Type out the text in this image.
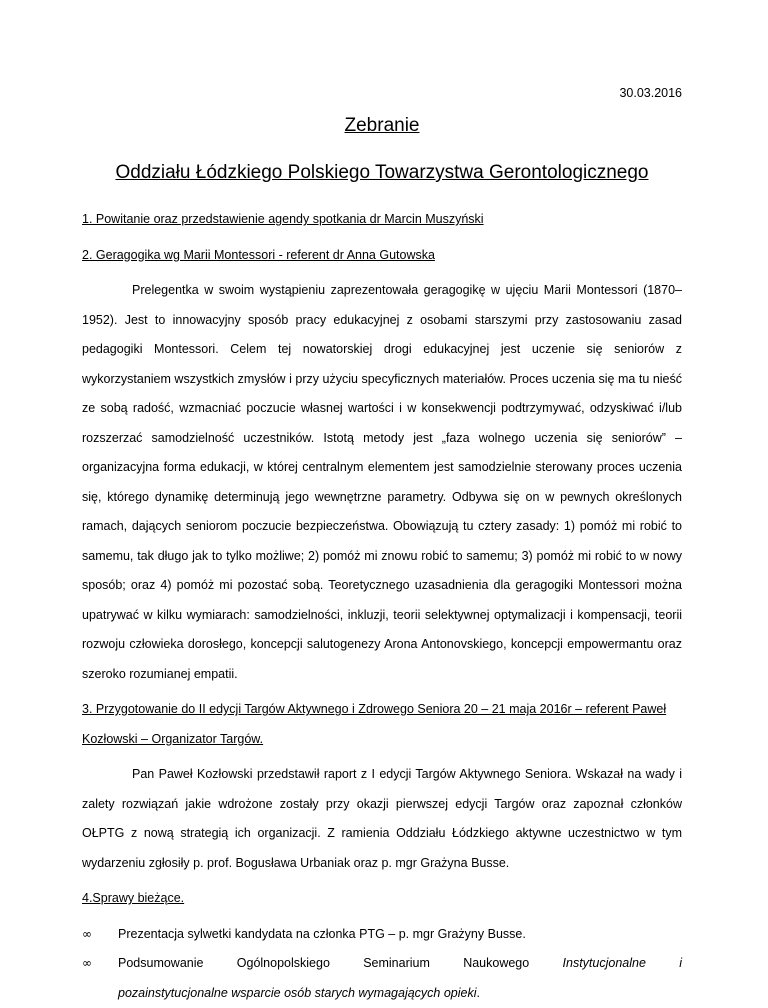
30.03.2016
Zebranie
Oddziału Łódzkiego Polskiego Towarzystwa Gerontologicznego

1. Powitanie oraz przedstawienie agendy spotkania dr Marcin Muszyński

2. Geragogika wg Marii Montessori - referent dr Anna Gutowska

Prelegentka w swoim wystąpieniu zaprezentowała geragogikę w ujęciu Marii Montessori (1870–1952). Jest to innowacyjny sposób pracy edukacyjnej z osobami starszymi przy zastosowaniu zasad pedagogiki Montessori. Celem tej nowatorskiej drogi edukacyjnej jest uczenie się seniorów z wykorzystaniem wszystkich zmysłów i przy użyciu specyficznych materiałów. Proces uczenia się ma tu nieść ze sobą radość, wzmacniać poczucie własnej wartości i w konsekwencji podtrzymywać, odzyskiwać i/lub rozszerzać samodzielność uczestników. Istotą metody jest „faza wolnego uczenia się seniorów” – organizacyjna forma edukacji, w której centralnym elementem jest samodzielnie sterowany proces uczenia się, którego dynamikę determinują jego wewnętrzne parametry. Odbywa się on w pewnych określonych ramach, dających seniorom poczucie bezpieczeństwa. Obowiązują tu cztery zasady: 1) pomóż mi robić to samemu, tak długo jak to tylko możliwe; 2) pomóż mi znowu robić to samemu; 3) pomóż mi robić to w nowy sposób; oraz 4) pomóż mi pozostać sobą. Teoretycznego uzasadnienia dla geragogiki Montessori można upatrywać w kilku wymiarach: samodzielności, inkluzji, teorii selektywnej optymalizacji i kompensacji, teorii rozwoju człowieka dorosłego, koncepcji salutogenezy Arona Antonovskiego, koncepcji empowermantu oraz szeroko rozumianej empatii.

3. Przygotowanie do II edycji Targów Aktywnego i Zdrowego Seniora 20 – 21 maja 2016r – referent Paweł Kozłowski – Organizator Targów.

Pan Paweł Kozłowski przedstawił raport z I edycji Targów Aktywnego Seniora. Wskazał na wady i zalety rozwiązań jakie wdrożone zostały przy okazji pierwszej edycji Targów oraz zapoznał członków OŁPTG z nową strategią ich organizacji. Z ramienia Oddziału Łódzkiego aktywne uczestnictwo w tym wydarzeniu zgłosiły p. prof. Bogusława Urbaniak oraz p. mgr Grażyna Busse.

4.Sprawy bieżące.

∞ Prezentacja sylwetki kandydata na członka PTG – p. mgr Grażyny Busse.
∞ Podsumowanie Ogólnopolskiego Seminarium Naukowego	Instytucjonalne i
pozainstytucjonalne wsparcie osób starych wymagających opieki.
